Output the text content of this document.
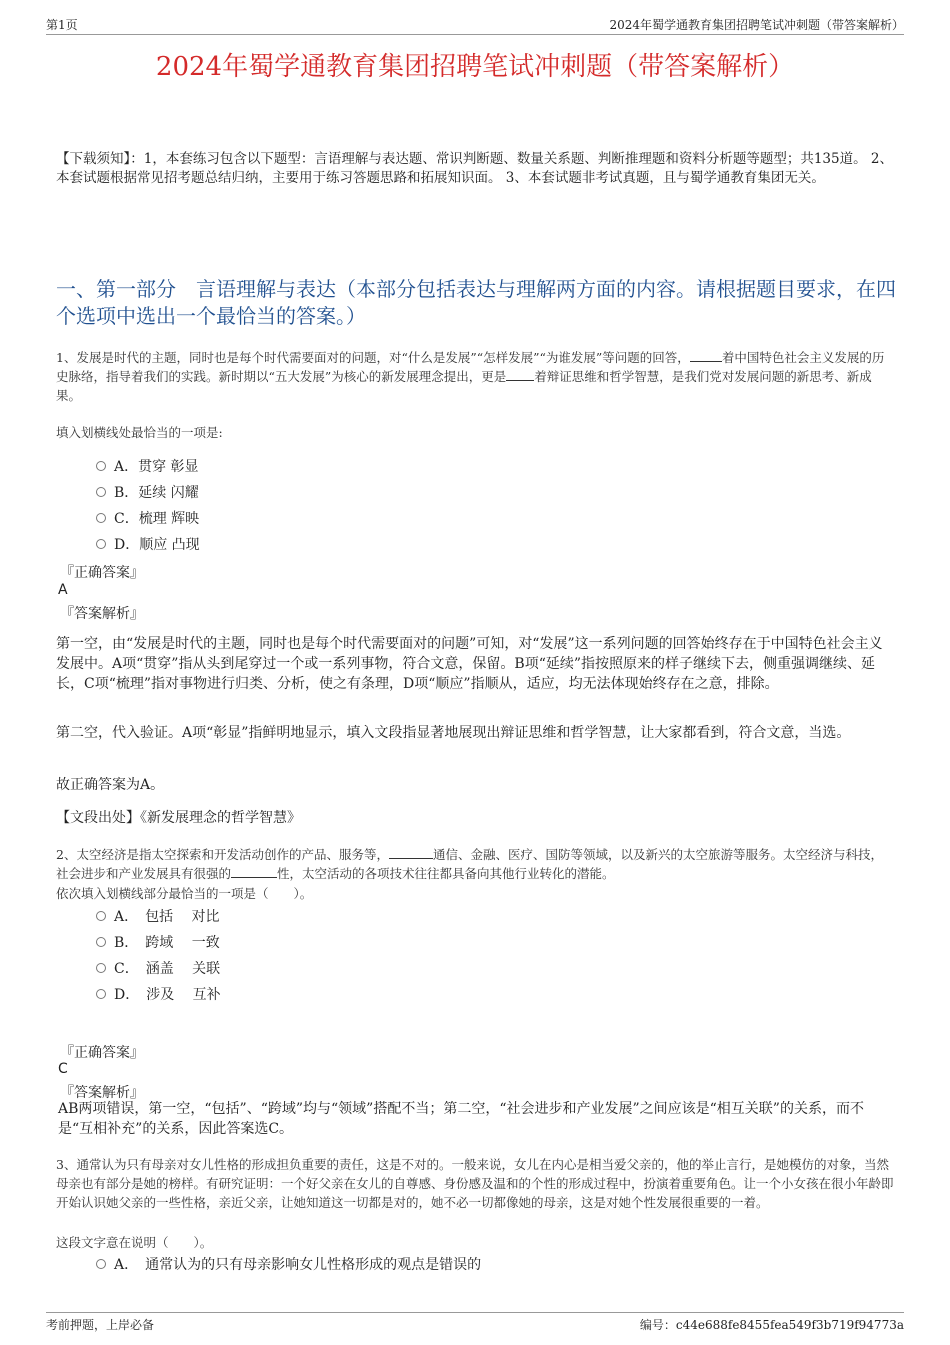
第1页	2024年蜀学通教育集团招聘笔试冲刺题（带答案解析）
2024年蜀学通教育集团招聘笔试冲刺题（带答案解析）
【下载须知】：1，本套练习包含以下题型：言语理解与表达题、常识判断题、数量关系题、判断推理题和资料分析题等题型；共135道。 2、本套试题根据常见招考题总结归纳，主要用于练习答题思路和拓展知识面。 3、本套试题非考试真题，且与蜀学通教育集团无关。
一、第一部分　言语理解与表达（本部分包括表达与理解两方面的内容。请根据题目要求，在四个选项中选出一个最恰当的答案。）
1、发展是时代的主题，同时也是每个时代需要面对的问题，对“什么是发展”“怎样发展”“为谁发展”等问题的回答，	着中国特色社会主义发展的历史脉络，指导着我们的实践。新时期以“五大发展”为核心的新发展理念提出，更是 着辩证思维和哲学智慧，是我们党对发展问题的新思考、新成果。
填入划横线处最恰当的一项是:
A．贯穿 彰显
B．延续 闪耀
C．梳理 辉映
D．顺应 凸现
『正确答案』
A
『答案解析』
第一空，由“发展是时代的主题，同时也是每个时代需要面对的问题”可知，对“发展”这一系列问题的回答始终存在于中国特色社会主义发展中。A项“贯穿”指从头到尾穿过一个或一系列事物，符合文意，保留。B项“延续”指按照原来的样子继续下去，侧重强调继续、延长，C项“梳理”指对事物进行归类、分析，使之有条理，D项“顺应”指顺从，适应，均无法体现始终存在之意，排除。
第二空，代入验证。A项“彰显”指鲜明地显示，填入文段指显著地展现出辩证思维和哲学智慧，让大家都看到，符合文意，当选。
故正确答案为A。
【文段出处】《新发展理念的哲学智慧》
2、太空经济是指太空探索和开发活动创作的产品、服务等，	通信、金融、医疗、国防等领域，以及新兴的太空旅游等服务。太空经济与科技，社会进步和产业发展具有很强的	性，太空活动的各项技术往往都具备向其他行业转化的潜能。
依次填入划横线部分最恰当的一项是（　　）。
A．　包括　 对比
B．　跨域　 一致
C．　涵盖　 关联
D．　涉及　 互补
『正确答案』
C
『答案解析』
AB两项错误，第一空，“包括”、“跨域”均与“领域”搭配不当；第二空，“社会进步和产业发展”之间应该是“相互关联”的关系，而不是“互相补充”的关系，因此答案选C。
3、通常认为只有母亲对女儿性格的形成担负重要的责任，这是不对的。一般来说，女儿在内心是相当爱父亲的，他的举止言行，是她模仿的对象，当然母亲也有部分是她的榜样。有研究证明：一个好父亲在女儿的自尊感、身份感及温和的个性的形成过程中，扮演着重要角色。让一个小女孩在很小年龄即开始认识她父亲的一些性格，亲近父亲，让她知道这一切都是对的，她不必一切都像她的母亲，这是对她个性发展很重要的一着。
这段文字意在说明（　　）。
A．　通常认为的只有母亲影响女儿性格形成的观点是错误的
考前押题，上岸必备	编号：c44e688fe8455fea549f3b719f94773a
